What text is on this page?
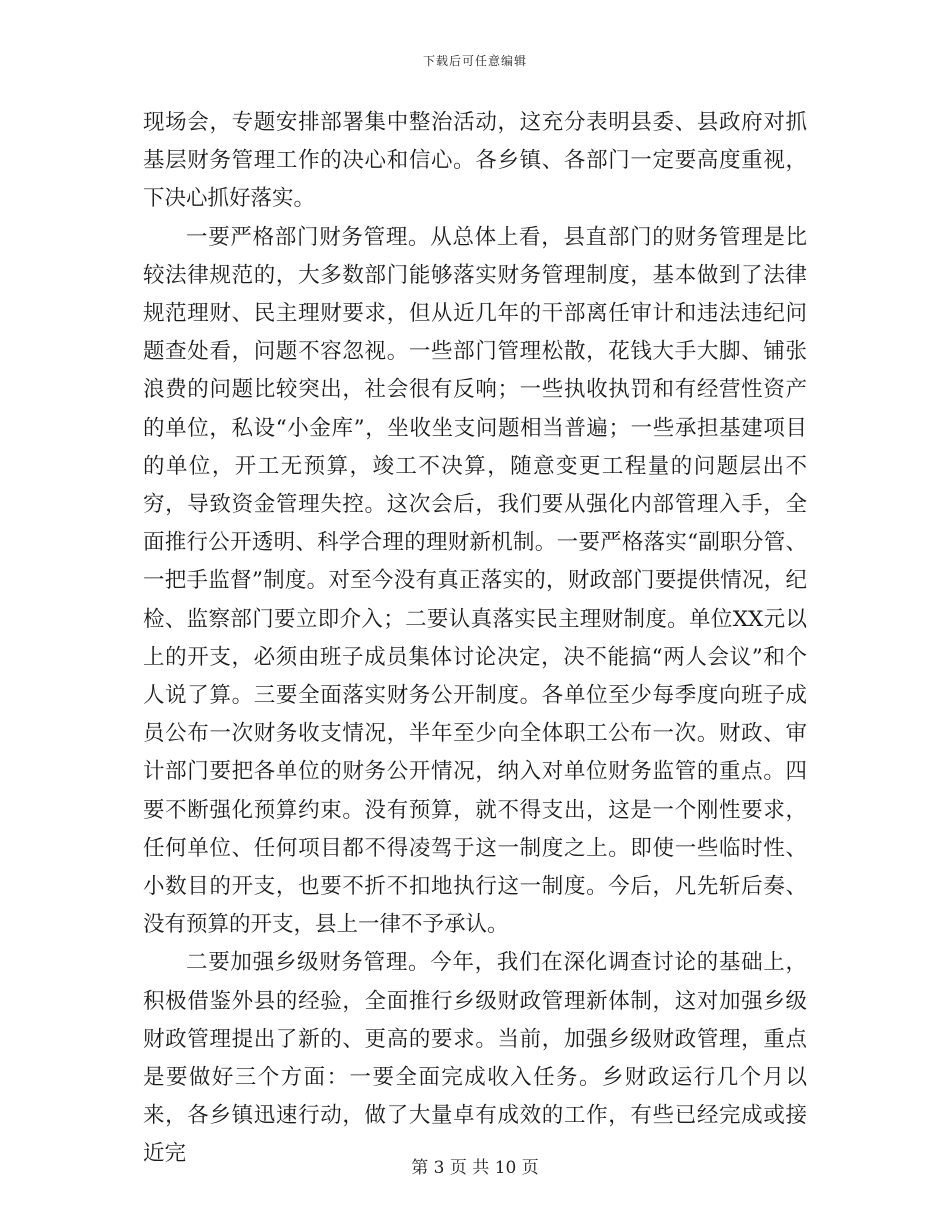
下载后可任意编辑

现场会，专题安排部署集中整治活动，这充分表明县委、县政府对抓基层财务管理工作的决心和信心。各乡镇、各部门一定要高度重视，下决心抓好落实。

一要严格部门财务管理。从总体上看，县直部门的财务管理是比较法律规范的，大多数部门能够落实财务管理制度，基本做到了法律规范理财、民主理财要求，但从近几年的干部离任审计和违法违纪问题查处看，问题不容忽视。一些部门管理松散，花钱大手大脚、铺张浪费的问题比较突出，社会很有反响；一些执收执罚和有经营性资产的单位，私设“小金库”，坐收坐支问题相当普遍；一些承担基建项目的单位，开工无预算，竣工不决算，随意变更工程量的问题层出不穷，导致资金管理失控。这次会后，我们要从强化内部管理入手，全面推行公开透明、科学合理的理财新机制。一要严格落实“副职分管、一把手监督”制度。对至今没有真正落实的，财政部门要提供情况，纪检、监察部门要立即介入；二要认真落实民主理财制度。单位XX元以上的开支，必须由班子成员集体讨论决定，决不能搞“两人会议”和个人说了算。三要全面落实财务公开制度。各单位至少每季度向班子成员公布一次财务收支情况，半年至少向全体职工公布一次。财政、审计部门要把各单位的财务公开情况，纳入对单位财务监管的重点。四要不断强化预算约束。没有预算，就不得支出，这是一个刚性要求，任何单位、任何项目都不得凌驾于这一制度之上。即使一些临时性、小数目的开支，也要不折不扣地执行这一制度。今后，凡先斩后奏、没有预算的开支，县上一律不予承认。

二要加强乡级财务管理。今年，我们在深化调查讨论的基础上，积极借鉴外县的经验，全面推行乡级财政管理新体制，这对加强乡级财政管理提出了新的、更高的要求。当前，加强乡级财政管理，重点是要做好三个方面：一要全面完成收入任务。乡财政运行几个月以来，各乡镇迅速行动，做了大量卓有成效的工作，有些已经完成或接近完

第 3 页 共 10 页
